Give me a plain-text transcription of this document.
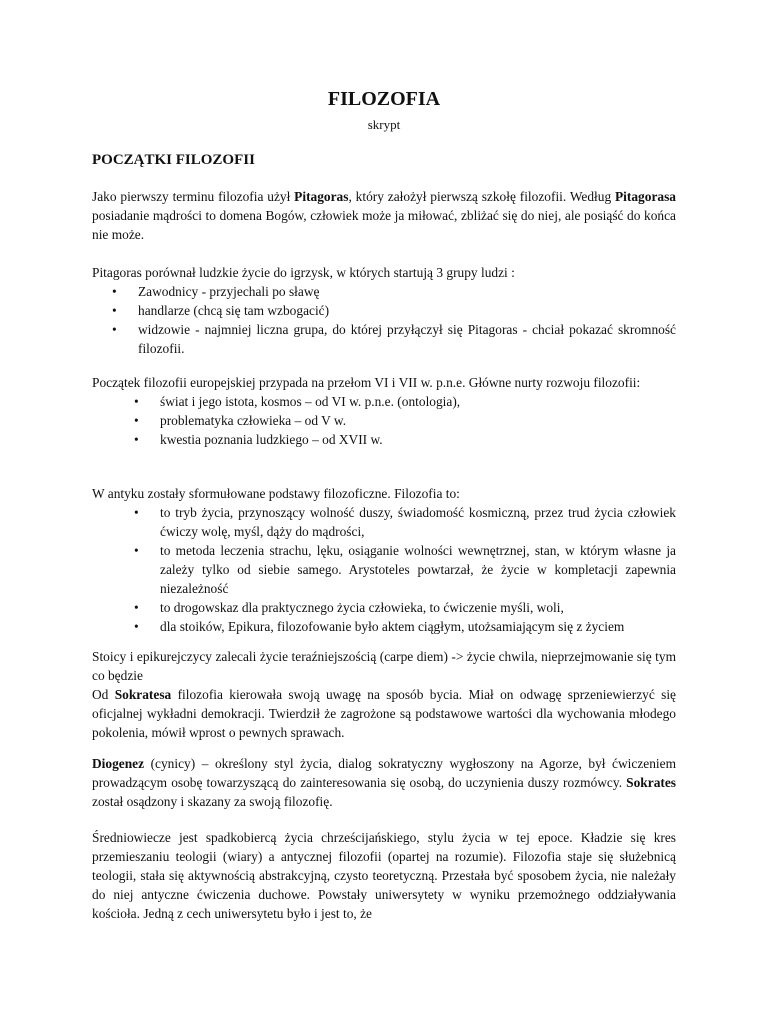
FILOZOFIA
skrypt
POCZĄTKI FILOZOFII

Jako pierwszy terminu filozofia użył Pitagoras, który założył pierwszą szkołę filozofii. Według Pitagorasa posiadanie mądrości to domena Bogów, człowiek może ja miłować, zbliżać się do niej, ale posiąść do końca nie może.

Pitagoras porównał ludzkie życie do igrzysk, w których startują 3 grupy ludzi :

• Zawodnicy - przyjechali po sławę
• handlarze (chcą się tam wzbogacić)
• widzowie - najmniej liczna grupa, do której przyłączył się Pitagoras - chciał pokazać skromność filozofii.

Początek filozofii europejskiej przypada na przełom VI i VII w. p.n.e. Główne nurty rozwoju filozofii:

• świat i jego istota, kosmos – od VI w. p.n.e. (ontologia),
• problematyka człowieka – od V w.
• kwestia poznania ludzkiego – od XVII w.

W antyku zostały sformułowane podstawy filozoficzne. Filozofia to:

• to tryb życia, przynoszący wolność duszy, świadomość kosmiczną, przez trud życia człowiek ćwiczy wolę, myśl, dąży do mądrości,
• to metoda leczenia strachu, lęku, osiąganie wolności wewnętrznej, stan, w którym własne ja zależy tylko od siebie samego. Arystoteles powtarzał, że życie w kompletacji zapewnia niezależność
• to drogowskaz dla praktycznego życia człowieka, to ćwiczenie myśli, woli,
• dla stoików, Epikura, filozofowanie było aktem ciągłym, utożsamiającym się z życiem

Stoicy i epikurejczycy zalecali życie teraźniejszością (carpe diem) -> życie chwila, nieprzejmowanie się tym co będzie

Od Sokratesa filozofia kierowała swoją uwagę na sposób bycia. Miał on odwagę sprzeniewierzyć się oficjalnej wykładni demokracji. Twierdził że zagrożone są podstawowe wartości dla wychowania młodego pokolenia, mówił wprost o pewnych sprawach.

Diogenez (cynicy) – określony styl życia, dialog sokratyczny wygłoszony na Agorze, był ćwiczeniem prowadzącym osobę towarzyszącą do zainteresowania się osobą, do uczynienia duszy rozmówcy. Sokrates został osądzony i skazany za swoją filozofię.

Średniowiecze jest spadkobiercą życia chrześcijańskiego, stylu życia w tej epoce. Kładzie się kres przemieszaniu teologii (wiary) a antycznej filozofii (opartej na rozumie). Filozofia staje się służebnicą teologii, stała się aktywnością abstrakcyjną, czysto teoretyczną. Przestała być sposobem życia, nie należały do niej antyczne ćwiczenia duchowe. Powstały uniwersytety w wyniku przemożnego oddziaływania kościoła. Jedną z cech uniwersytetu było i jest to, że
